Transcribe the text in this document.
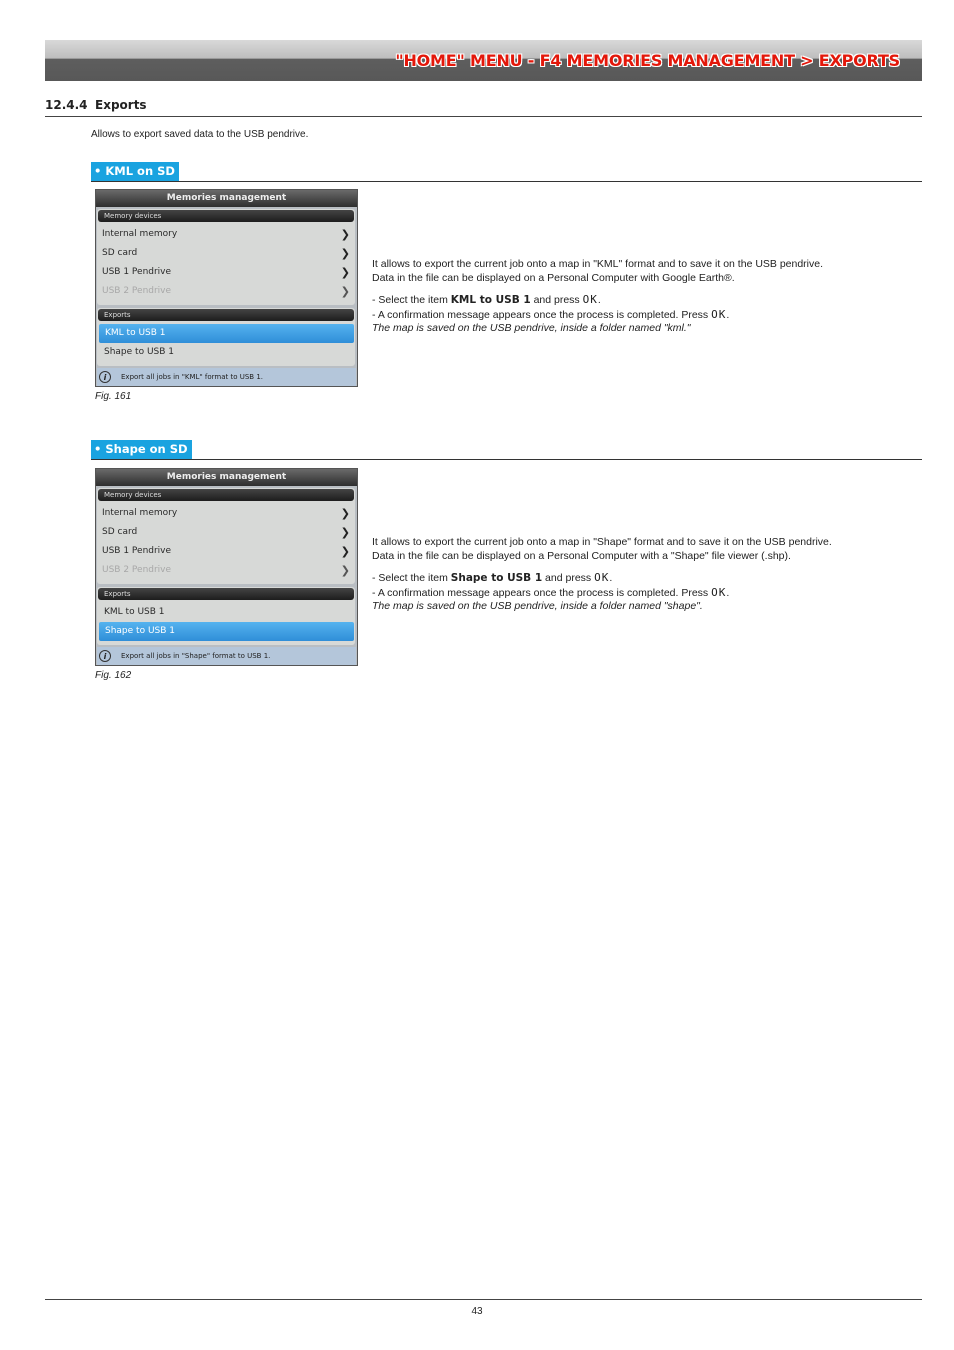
"HOME" MENU - F4 MEMORIES MANAGEMENT > EXPORTS
12.4.4 Exports
Allows to export saved data to the USB pendrive.
• KML on SD
Memories management
Memory devices
Internal memory	❯
SD card	❯
USB 1 Pendrive	❯
USB 2 Pendrive	❯
Exports
KML to USB 1
Shape to USB 1
i	Export all jobs in "KML" format to USB 1.
Fig. 161

It allows to export the current job onto a map in "KML" format and to save it on the USB pendrive.

Data in the file can be displayed on a Personal Computer with Google Earth®.

- Select the item KML to USB 1 and press OK.

- A confirmation message appears once the process is completed. Press OK.

The map is saved on the USB pendrive, inside a folder named "kml."

• Shape on SD
Memories management
Memory devices
Internal memory	❯
SD card	❯
USB 1 Pendrive	❯
USB 2 Pendrive	❯
Exports
KML to USB 1
Shape to USB 1
i	Export all jobs in "Shape" format to USB 1.
Fig. 162

It allows to export the current job onto a map in "Shape" format and to save it on the USB pendrive.

Data in the file can be displayed on a Personal Computer with a "Shape" file viewer (.shp).

- Select the item Shape to USB 1 and press OK.

- A confirmation message appears once the process is completed. Press OK.

The map is saved on the USB pendrive, inside a folder named "shape".

43
